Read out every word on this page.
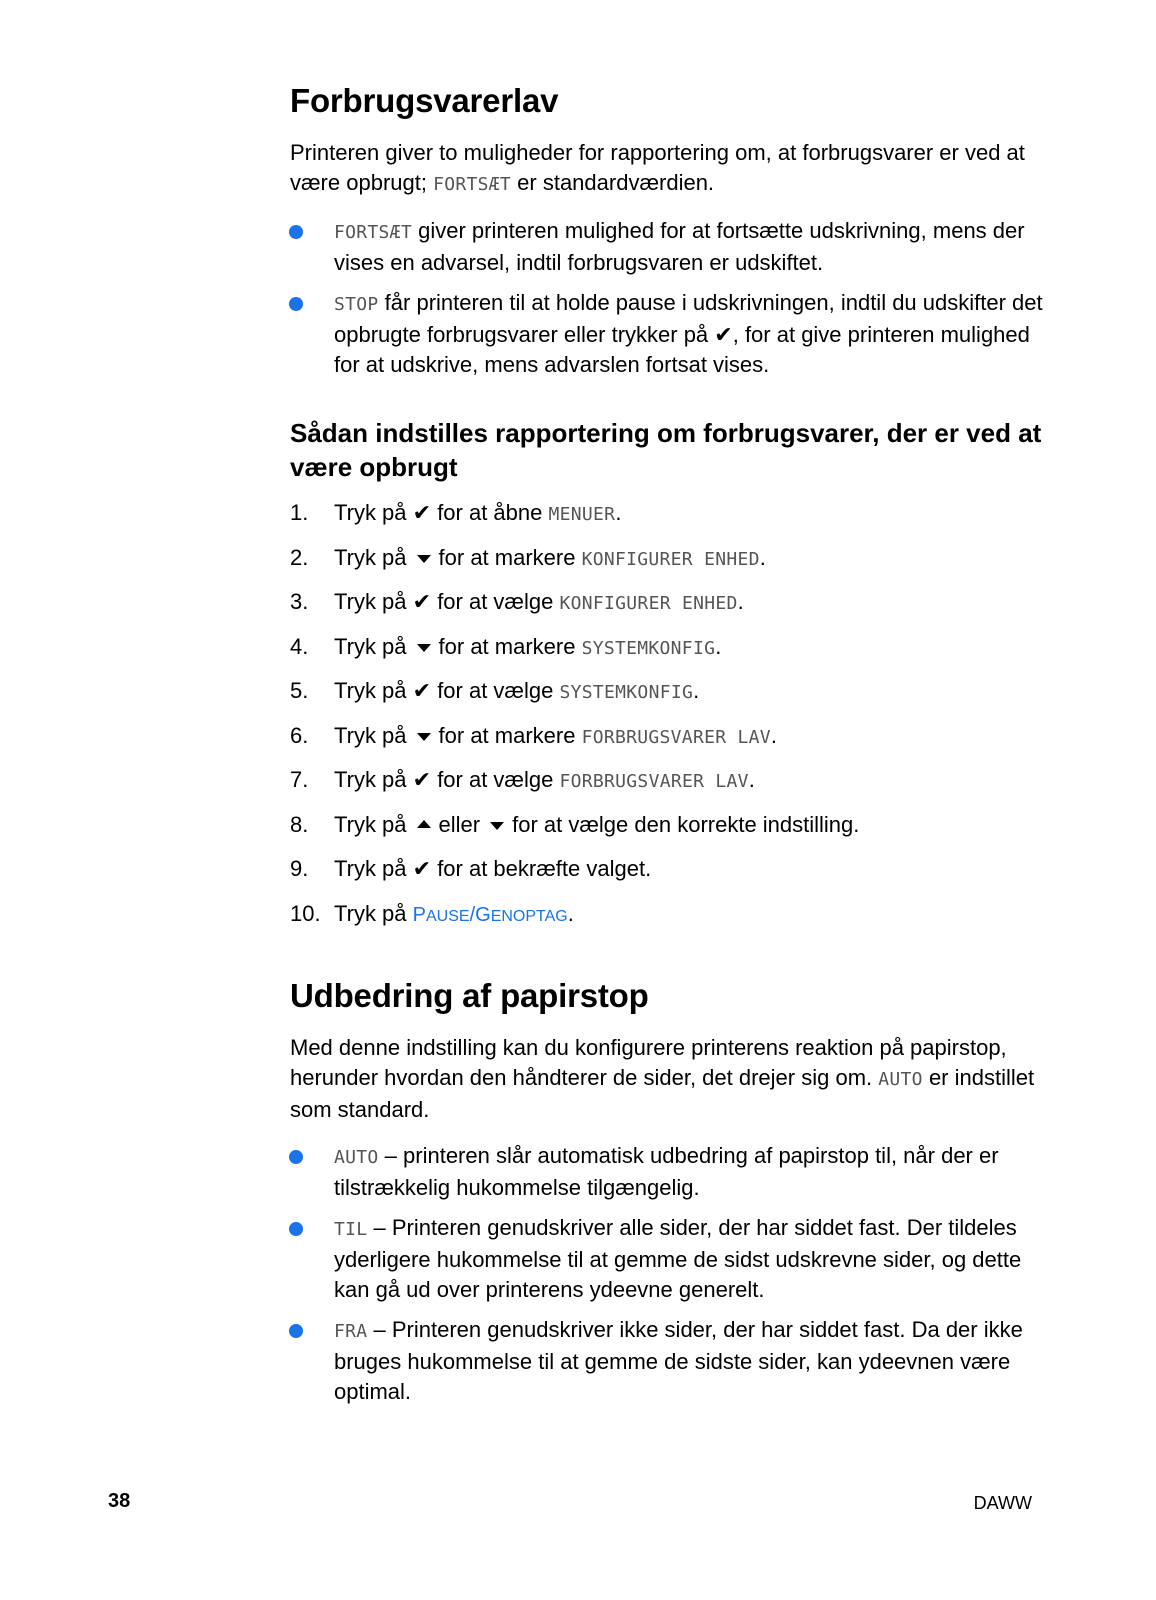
Forbrugsvarerlav

Printeren giver to muligheder for rapportering om, at forbrugsvarer er ved at være opbrugt; FORTSÆT er standardværdien.

FORTSÆT giver printeren mulighed for at fortsætte udskrivning, mens der vises en advarsel, indtil forbrugsvaren er udskiftet.
STOP får printeren til at holde pause i udskrivningen, indtil du udskifter det opbrugte forbrugsvarer eller trykker på ✔, for at give printeren mulighed for at udskrive, mens advarslen fortsat vises.
Sådan indstilles rapportering om forbrugsvarer, der er ved at være opbrugt
1. Tryk på ✔ for at åbne MENUER.
2. Tryk på for at markere KONFIGURER ENHED.
3. Tryk på ✔ for at vælge KONFIGURER ENHED.
4. Tryk på for at markere SYSTEMKONFIG.
5. Tryk på ✔ for at vælge SYSTEMKONFIG.
6. Tryk på for at markere FORBRUGSVARER LAV.
7. Tryk på ✔ for at vælge FORBRUGSVARER LAV.
8. Tryk på eller for at vælge den korrekte indstilling.
9. Tryk på ✔ for at bekræfte valget.
10. Tryk på PAUSE/GENOPTAG.
Udbedring af papirstop

Med denne indstilling kan du konfigurere printerens reaktion på papirstop, herunder hvordan den håndterer de sider, det drejer sig om. AUTO er indstillet som standard.

AUTO – printeren slår automatisk udbedring af papirstop til, når der er tilstrækkelig hukommelse tilgængelig.
TIL – Printeren genudskriver alle sider, der har siddet fast. Der tildeles yderligere hukommelse til at gemme de sidst udskrevne sider, og dette kan gå ud over printerens ydeevne generelt.
FRA – Printeren genudskriver ikke sider, der har siddet fast. Da der ikke bruges hukommelse til at gemme de sidste sider, kan ydeevnen være optimal.
38	DAWW
